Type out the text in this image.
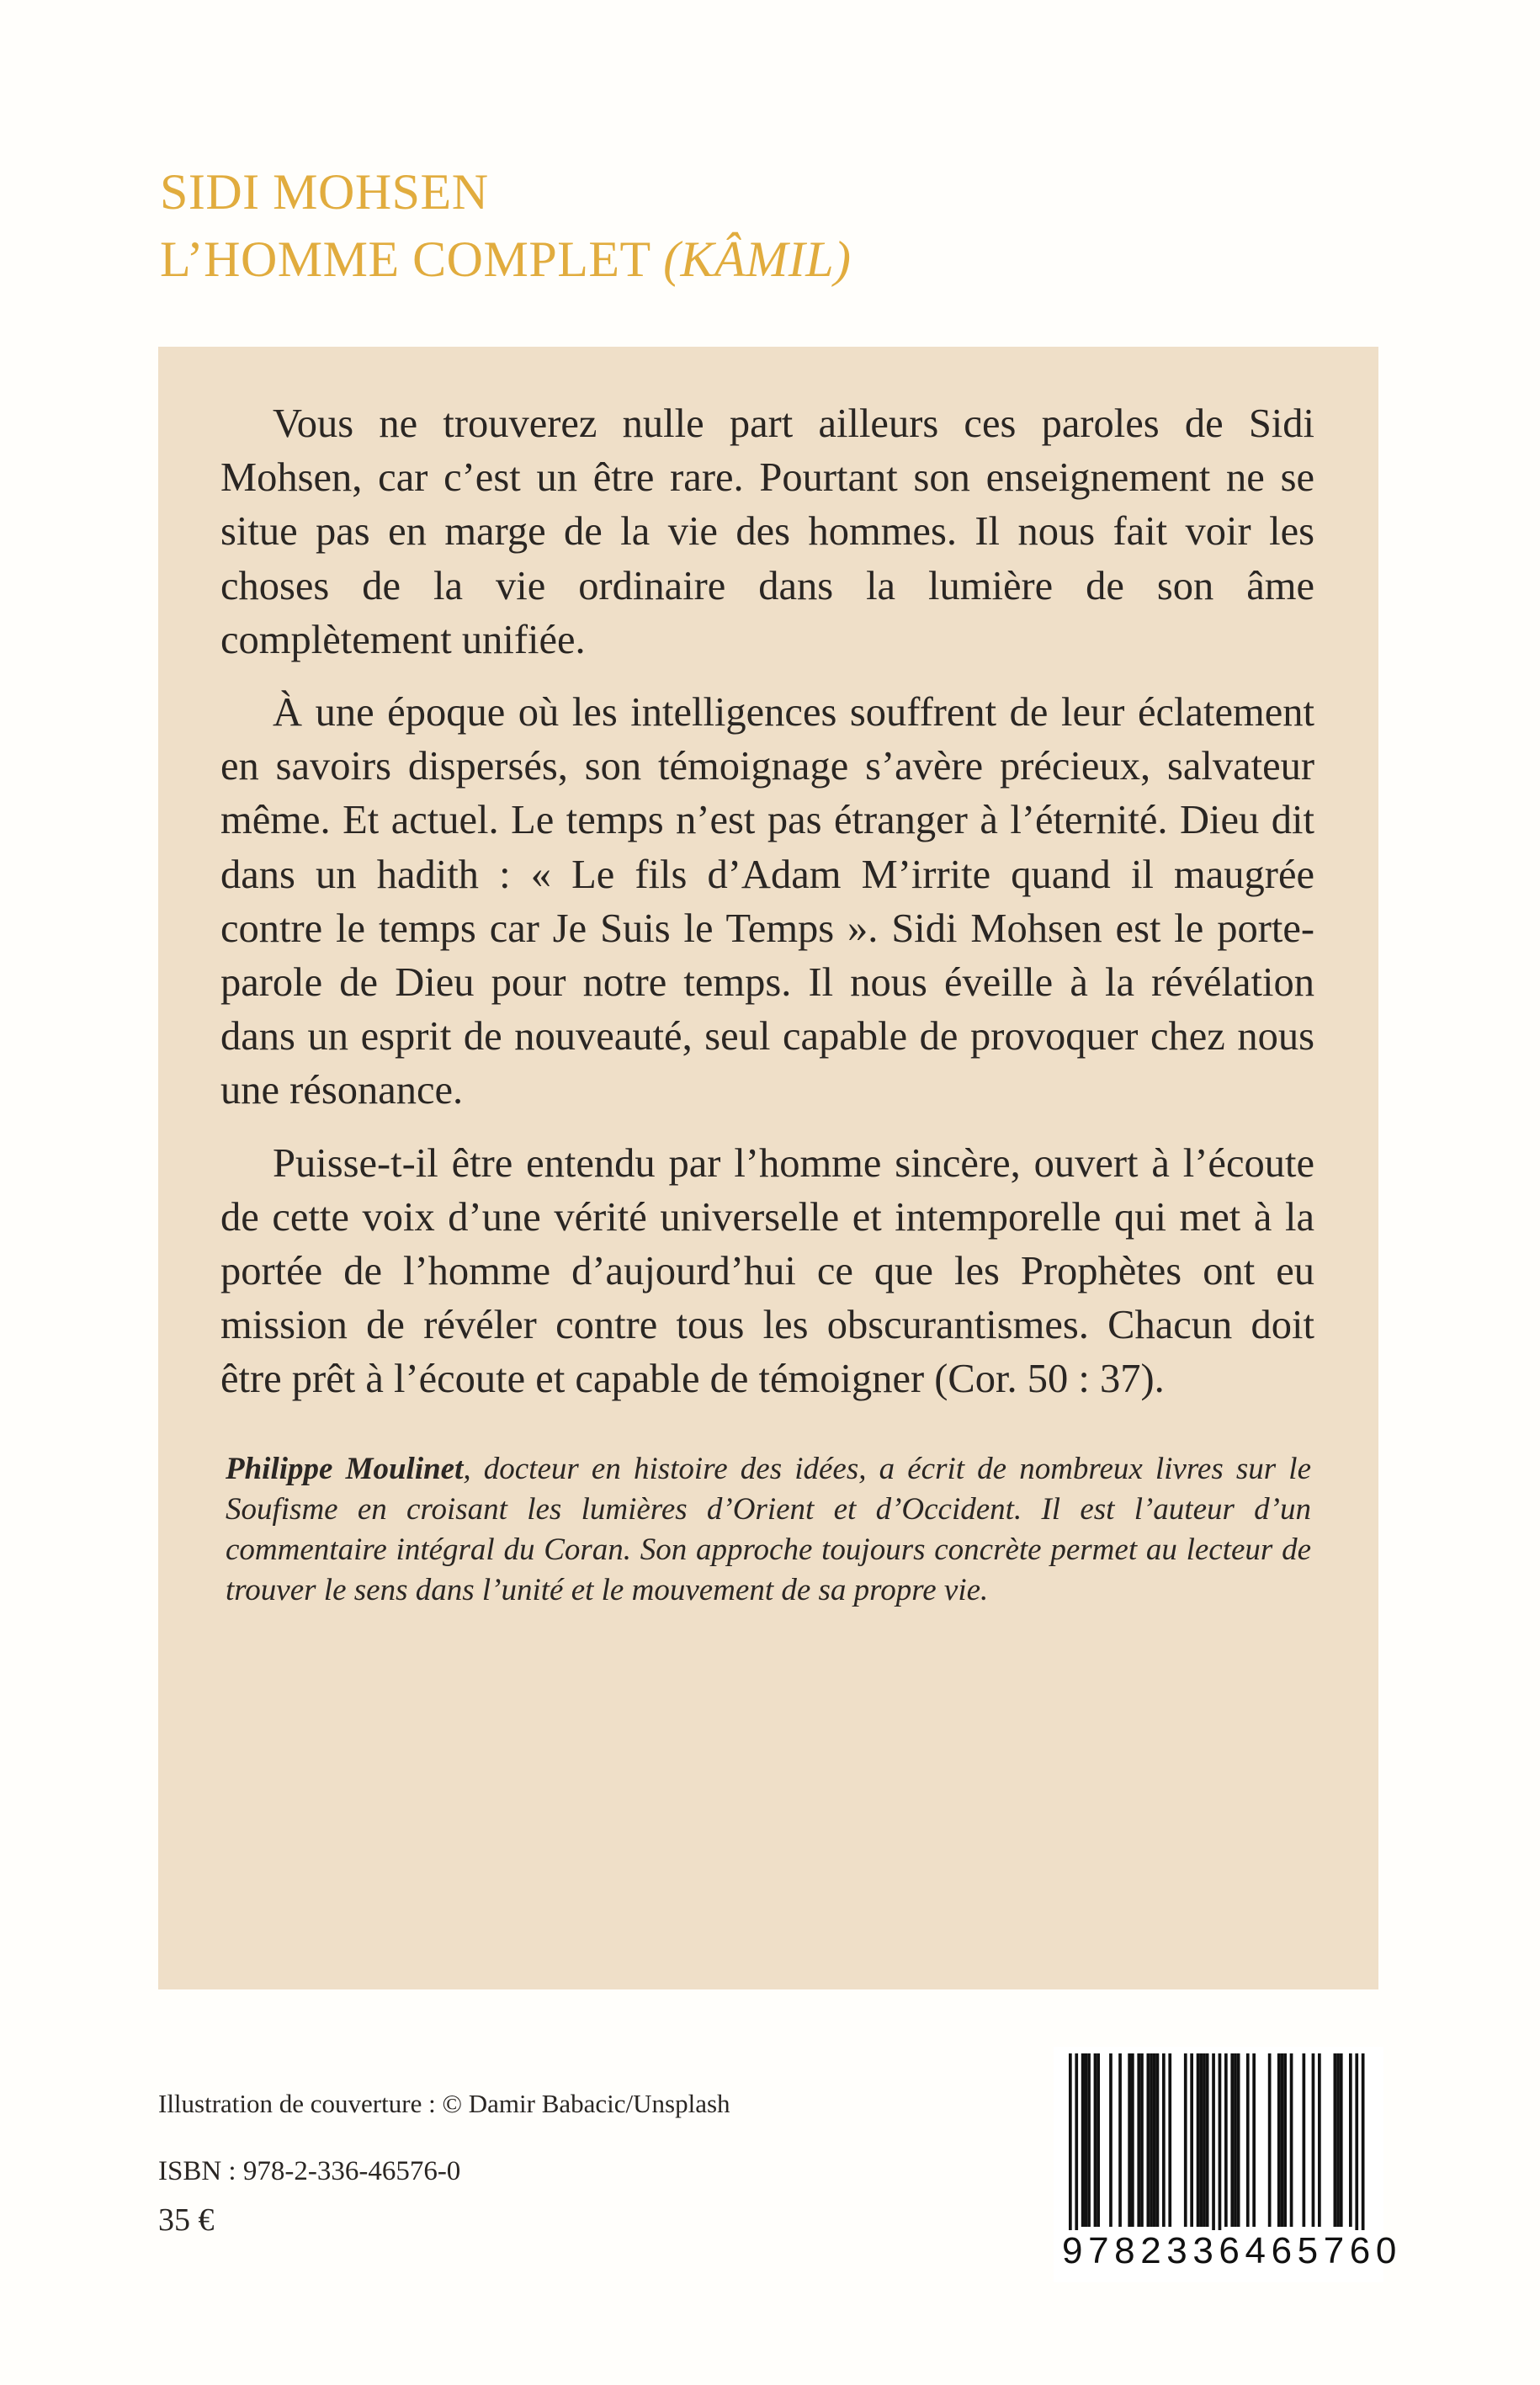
SIDI MOHSEN
L’HOMME COMPLET (KÂMIL)

Vous ne trouverez nulle part ailleurs ces paroles de Sidi Mohsen, car c’est un être rare. Pourtant son enseignement ne se situe pas en marge de la vie des hommes. Il nous fait voir les choses de la vie ordinaire dans la lumière de son âme complètement unifiée.

À une époque où les intelligences souffrent de leur éclatement en savoirs dispersés, son témoignage s’avère précieux, salvateur même. Et actuel. Le temps n’est pas étranger à l’éternité. Dieu dit dans un hadith : « Le fils d’Adam M’irrite quand il maugrée contre le temps car Je Suis le Temps ». Sidi Mohsen est le porte-parole de Dieu pour notre temps. Il nous éveille à la révélation dans un esprit de nouveauté, seul capable de provoquer chez nous une résonance.

Puisse-t-il être entendu par l’homme sincère, ouvert à l’écoute de cette voix d’une vérité universelle et intemporelle qui met à la portée de l’homme d’aujourd’hui ce que les Prophètes ont eu mission de révéler contre tous les obscurantismes. Chacun doit être prêt à l’écoute et capable de témoigner (Cor. 50 : 37).

Philippe Moulinet, docteur en histoire des idées, a écrit de nombreux livres sur le Soufisme en croisant les lumières d’Orient et d’Occident. Il est l’auteur d’un commentaire intégral du Coran. Son approche toujours concrète permet au lecteur de trouver le sens dans l’unité et le mouvement de sa propre vie.
Illustration de couverture : © Damir Babacic/Unsplash
ISBN : 978-2-336-46576-0
35 €
9782336465760
